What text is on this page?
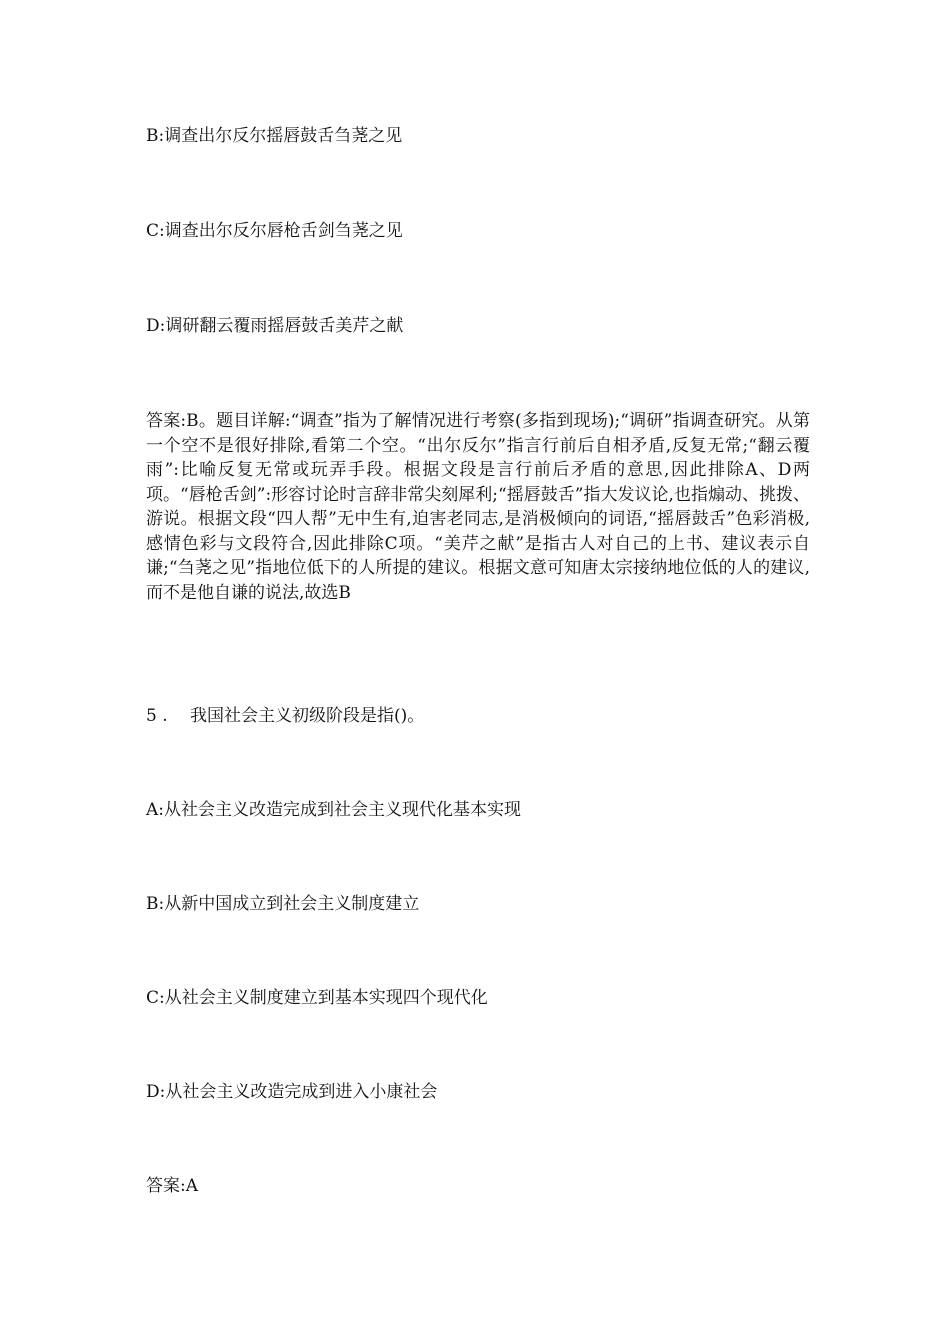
B:调查出尔反尔摇唇鼓舌刍荛之见
C:调查出尔反尔唇枪舌剑刍荛之见
D:调研翻云覆雨摇唇鼓舌美芹之献
答案:B。题目详解:“调查”指为了解情况进行考察(多指到现场);“调研”指调查研究。从第一个空不是很好排除,看第二个空。“出尔反尔”指言行前后自相矛盾,反复无常;“翻云覆雨”:比喻反复无常或玩弄手段。根据文段是言行前后矛盾的意思,因此排除A、D两项。“唇枪舌剑”:形容讨论时言辞非常尖刻犀利;“摇唇鼓舌”指大发议论,也指煽动、挑拨、游说。根据文段“四人帮”无中生有,迫害老同志,是消极倾向的词语,“摇唇鼓舌”色彩消极,感情色彩与文段符合,因此排除C项。“美芹之献”是指古人对自己的上书、建议表示自谦;“刍荛之见”指地位低下的人所提的建议。根据文意可知唐太宗接纳地位低的人的建议,而不是他自谦的说法,故选B
5 . 我国社会主义初级阶段是指()。
A:从社会主义改造完成到社会主义现代化基本实现
B:从新中国成立到社会主义制度建立
C:从社会主义制度建立到基本实现四个现代化
D:从社会主义改造完成到进入小康社会
答案:A
